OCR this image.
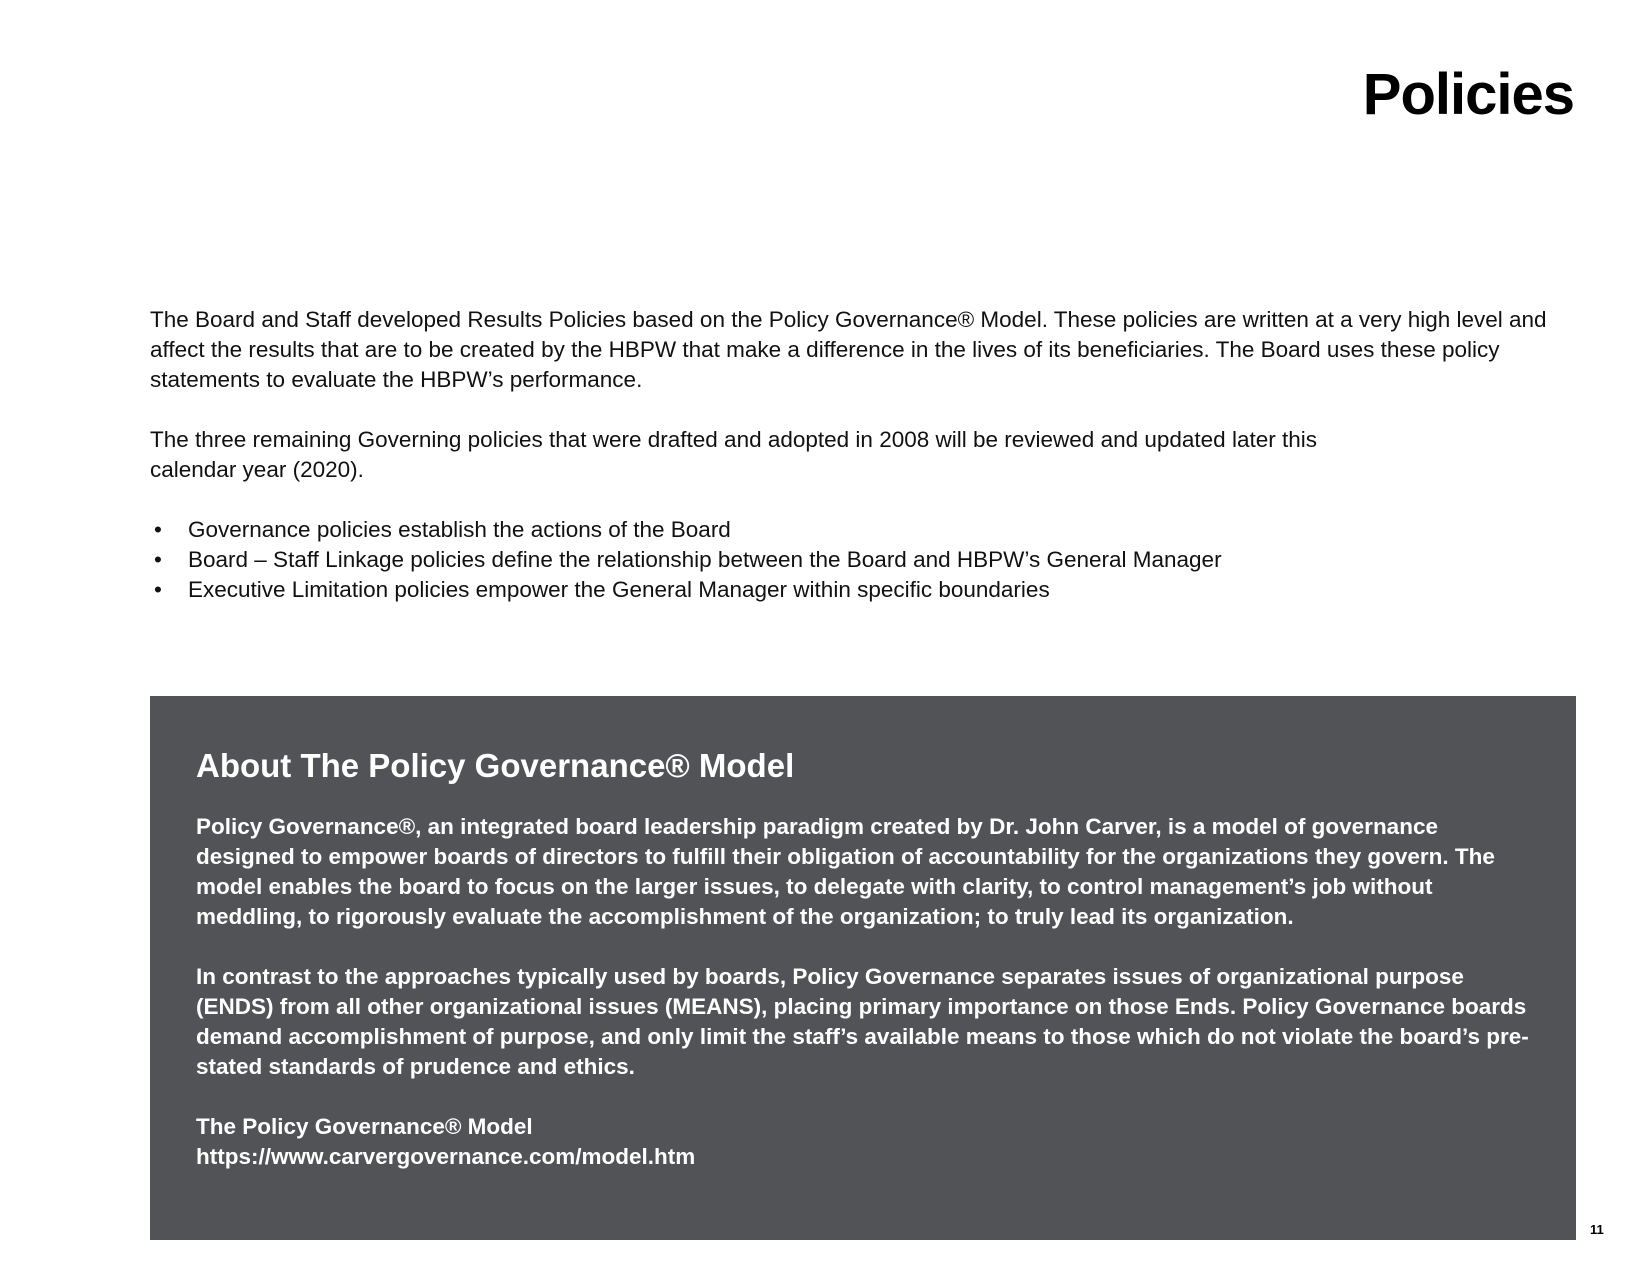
Policies

The Board and Staff developed Results Policies based on the Policy Governance® Model. These policies are written at a very high level and affect the results that are to be created by the HBPW that make a difference in the lives of its beneficiaries. The Board uses these policy statements to evaluate the HBPW’s performance.

The three remaining Governing policies that were drafted and adopted in 2008 will be reviewed and updated later this calendar year (2020).

• Governance policies establish the actions of the Board
• Board – Staff Linkage policies define the relationship between the Board and HBPW’s General Manager
• Executive Limitation policies empower the General Manager within specific boundaries
About The Policy Governance® Model

Policy Governance®, an integrated board leadership paradigm created by Dr. John Carver, is a model of governance designed to empower boards of directors to fulfill their obligation of accountability for the organizations they govern. The model enables the board to focus on the larger issues, to delegate with clarity, to control management’s job without meddling, to rigorously evaluate the accomplishment of the organization; to truly lead its organization.

In contrast to the approaches typically used by boards, Policy Governance separates issues of organizational purpose (ENDS) from all other organizational issues (MEANS), placing primary importance on those Ends. Policy Governance boards demand accomplishment of purpose, and only limit the staff’s available means to those which do not violate the board’s pre-stated standards of prudence and ethics.

The Policy Governance® Model
https://www.carvergovernance.com/model.htm

11
